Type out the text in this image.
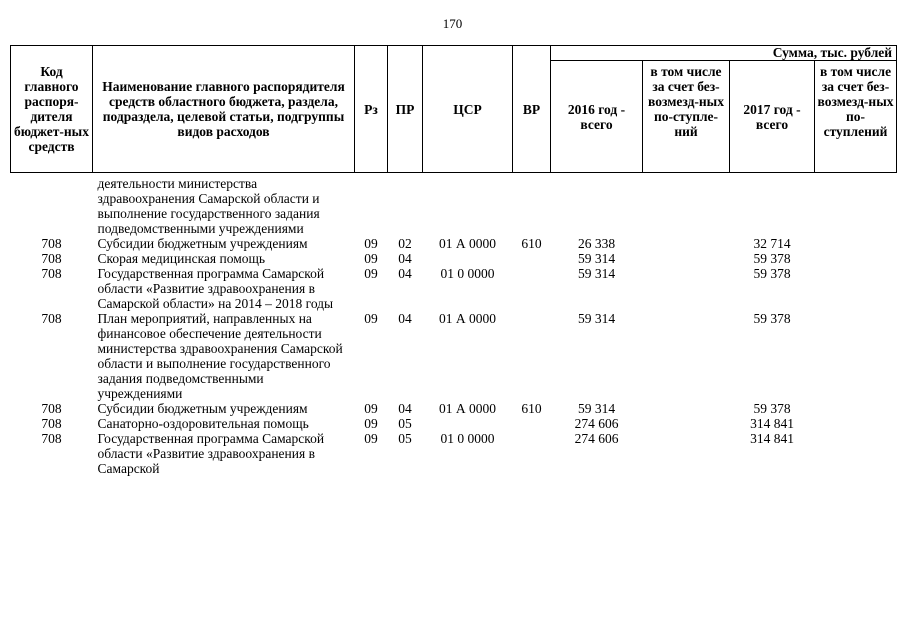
170
Код главного распоря-дителя бюджет-ных средств	Наименование главного распорядителя средств областного бюджета, раздела, подраздела, целевой статьи, подгруппы видов расходов	Рз	ПР	ЦСР	ВР	Сумма, тыс. рублей			
						2016 год - всего	в том числе за счет без-возмезд-ных по-ступле-ний	2017 год - всего	в том числе за счет без-возмезд-ных по-ступлений
	деятельности министерства здравоохранения Самарской области и выполнение государственного задания подведомственными учреждениями								
708	Субсидии бюджетным учреждениям	09	02	01 А 0000	610	26 338		32 714	
708	Скорая медицинская помощь	09	04			59 314		59 378	
708	Государственная программа Самарской области «Развитие здравоохранения в Самарской области» на 2014 – 2018 годы	09	04	01 0 0000		59 314		59 378	
708	План мероприятий, направленных на финансовое обеспечение деятельности министерства здравоохранения Самарской области и выполнение государственного задания подведомственными учреждениями	09	04	01 А 0000		59 314		59 378	
708	Субсидии бюджетным учреждениям	09	04	01 А 0000	610	59 314		59 378	
708	Санаторно-оздоровительная помощь	09	05			274 606		314 841	
708	Государственная программа Самарской области «Развитие здравоохранения в Самарской	09	05	01 0 0000		274 606		314 841	
